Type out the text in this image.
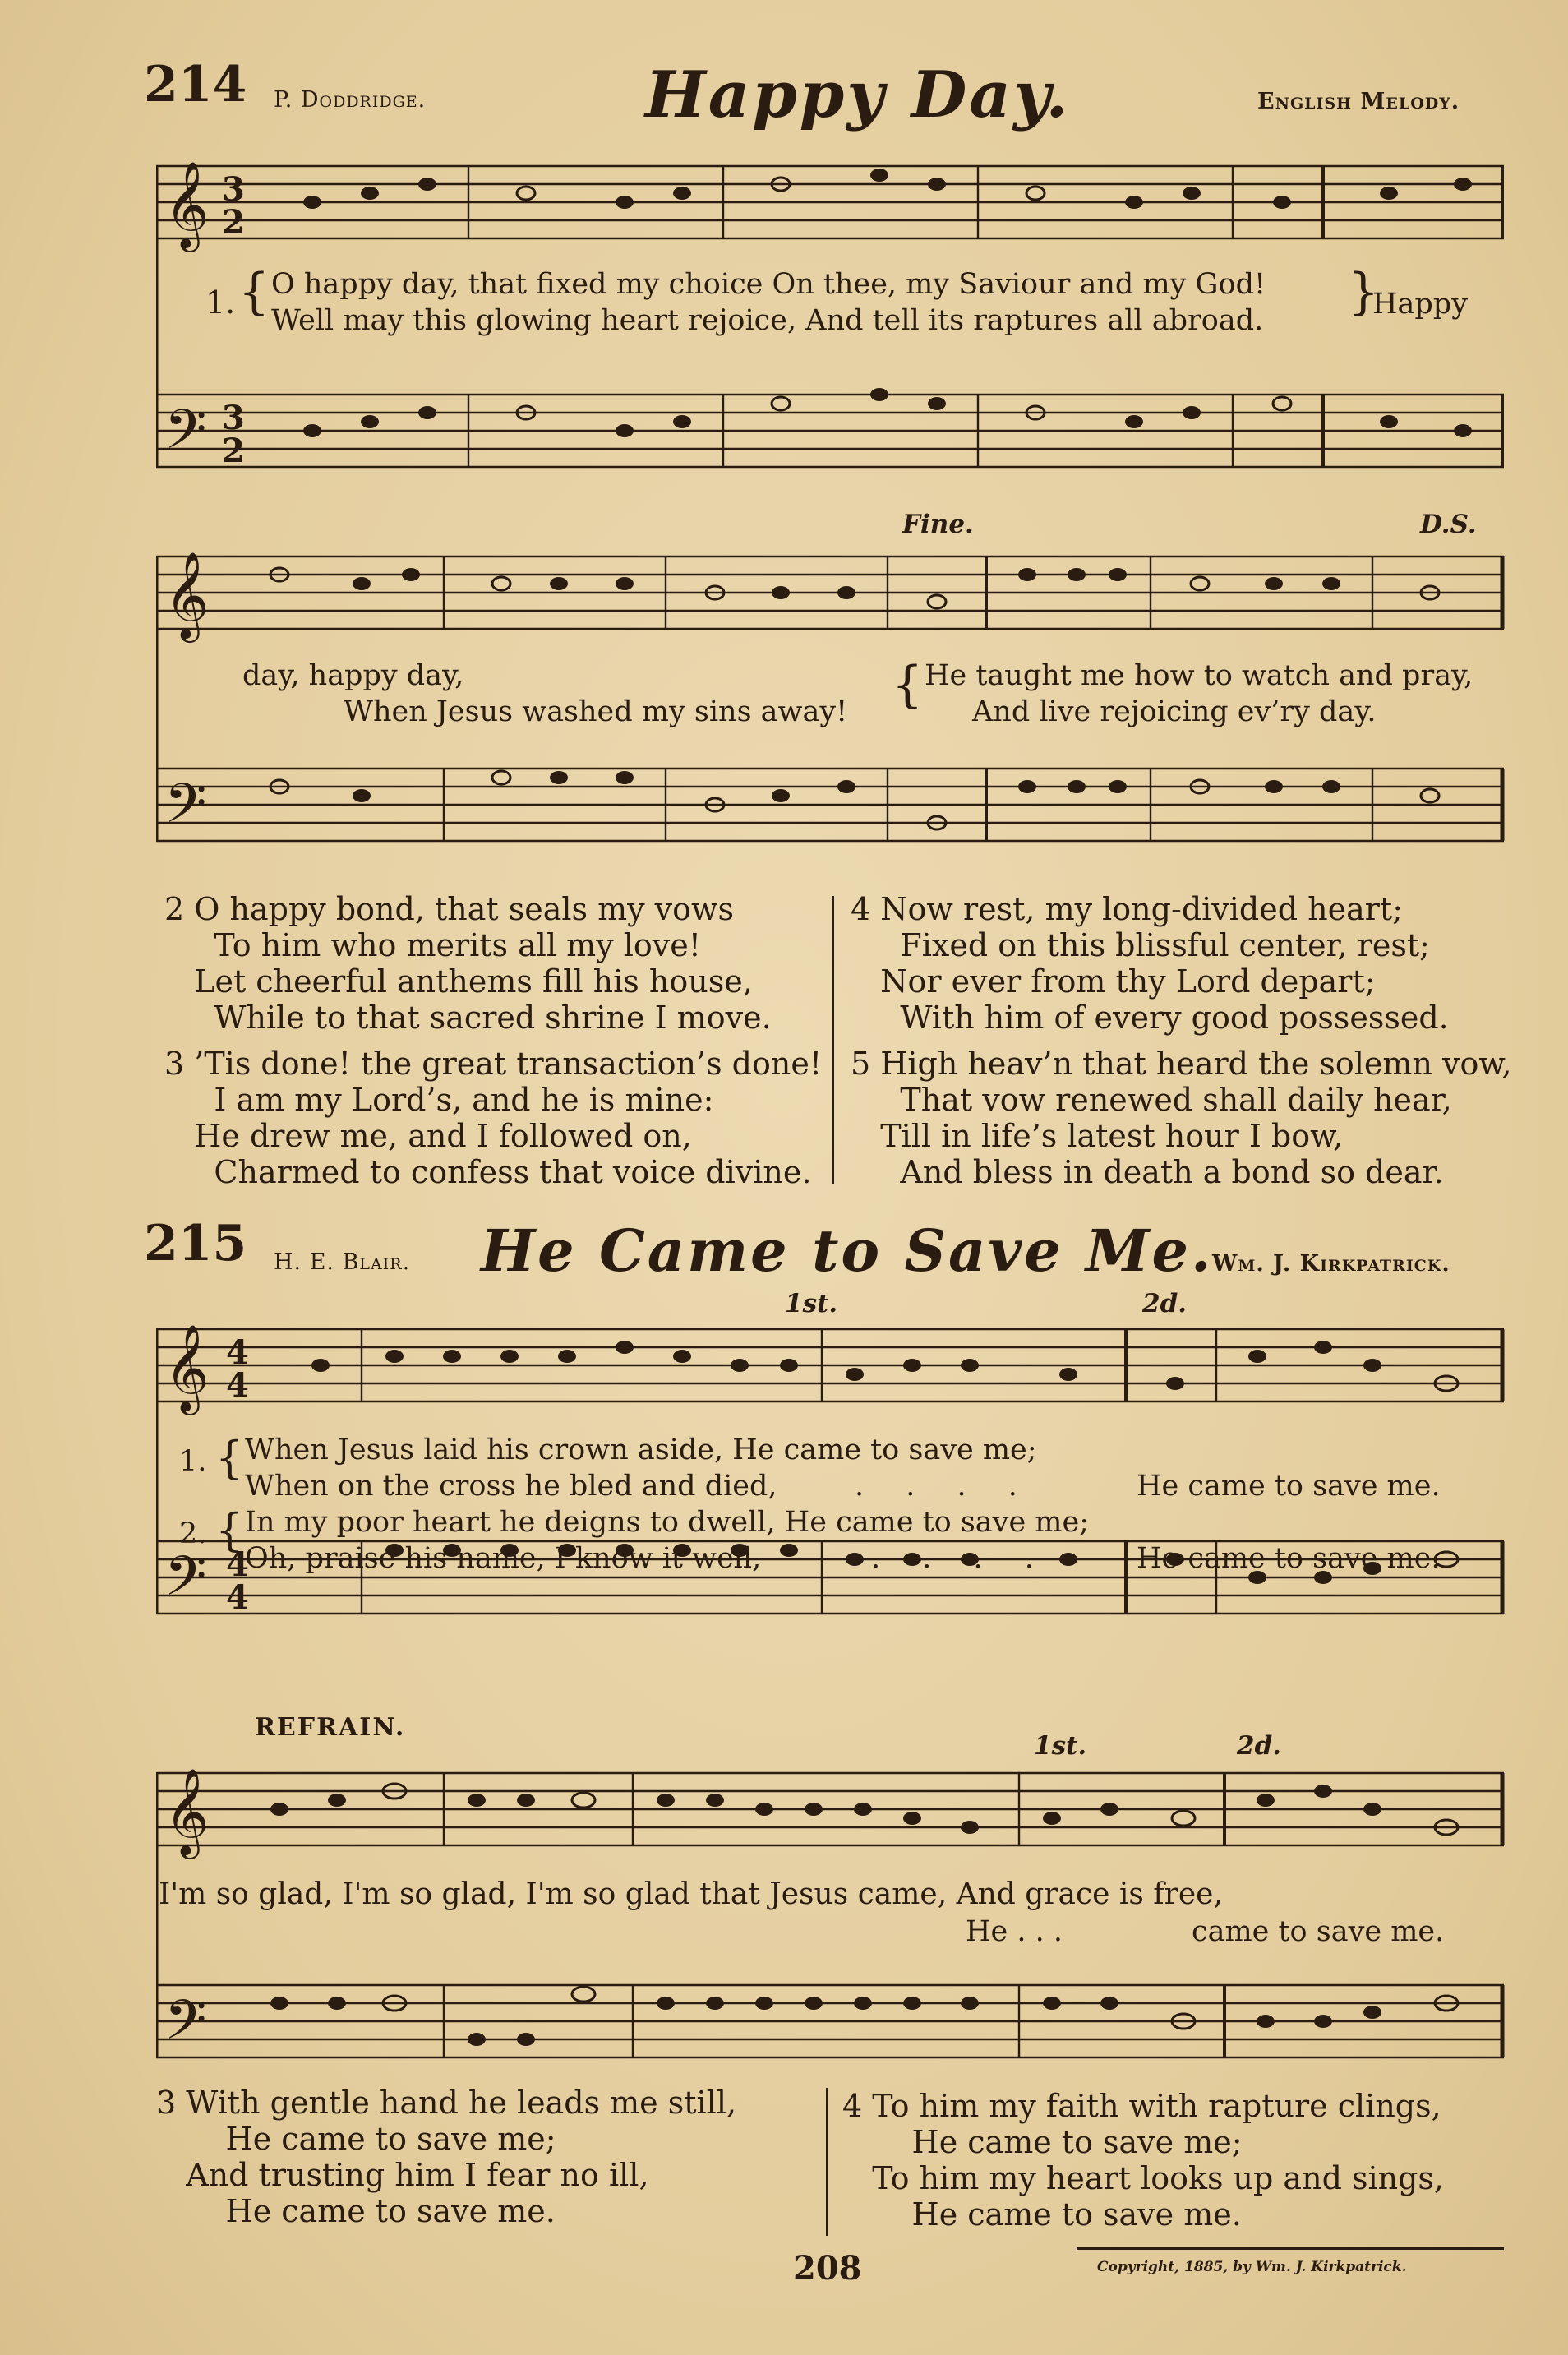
214 P. Doddridge.	Happy Day.	English Melody.
𝄞 3
2
𝄢 3
2
1. { O happy day, that fixed my choice On thee, my Saviour and my God!
Well may this glowing heart rejoice, And tell its raptures all abroad. }
Happy
Fine.	D.S.
𝄞
𝄢
day, happy day,
When Jesus washed my sins away! { He taught me how to watch and pray,
And live rejoicing ev’ry day.
2 O happy bond, that seals my vows
To him who merits all my love!
Let cheerful anthems fill his house,
While to that sacred shrine I move.
3 ’Tis done! the great transaction’s done!
I am my Lord’s, and he is mine:
He drew me, and I followed on,
Charmed to confess that voice divine.
4 Now rest, my long-divided heart;
Fixed on this blissful center, rest;
Nor ever from thy Lord depart;
With him of every good possessed.
5 High heav’n that heard the solemn vow,
That vow renewed shall daily hear,
Till in life’s latest hour I bow,
And bless in death a bond so dear.
215 H. E. Blair. He Came to Save Me.
Wm. J. Kirkpatrick.
1st.	2d.
𝄞 4
4
𝄢 4
4
1. { When Jesus laid his crown aside, He came to save me;
When on the cross he bled and died,	. . . .	He came to save me.
2. { In my poor heart he deigns to dwell, He came to save me;
Oh, praise his name, I know it well,	. . . .	He came to save me.
REFRAIN.
1st.	2d.
𝄞
𝄢
I'm so glad, I'm so glad, I'm so glad that Jesus came, And grace is free,
He . . .	came to save me.
3 With gentle hand he leads me still,
He came to save me;
And trusting him I fear no ill,
He came to save me.
4 To him my faith with rapture clings,
He came to save me;
To him my heart looks up and sings,
He came to save me.
208	Copyright, 1885, by Wm. J. Kirkpatrick.
